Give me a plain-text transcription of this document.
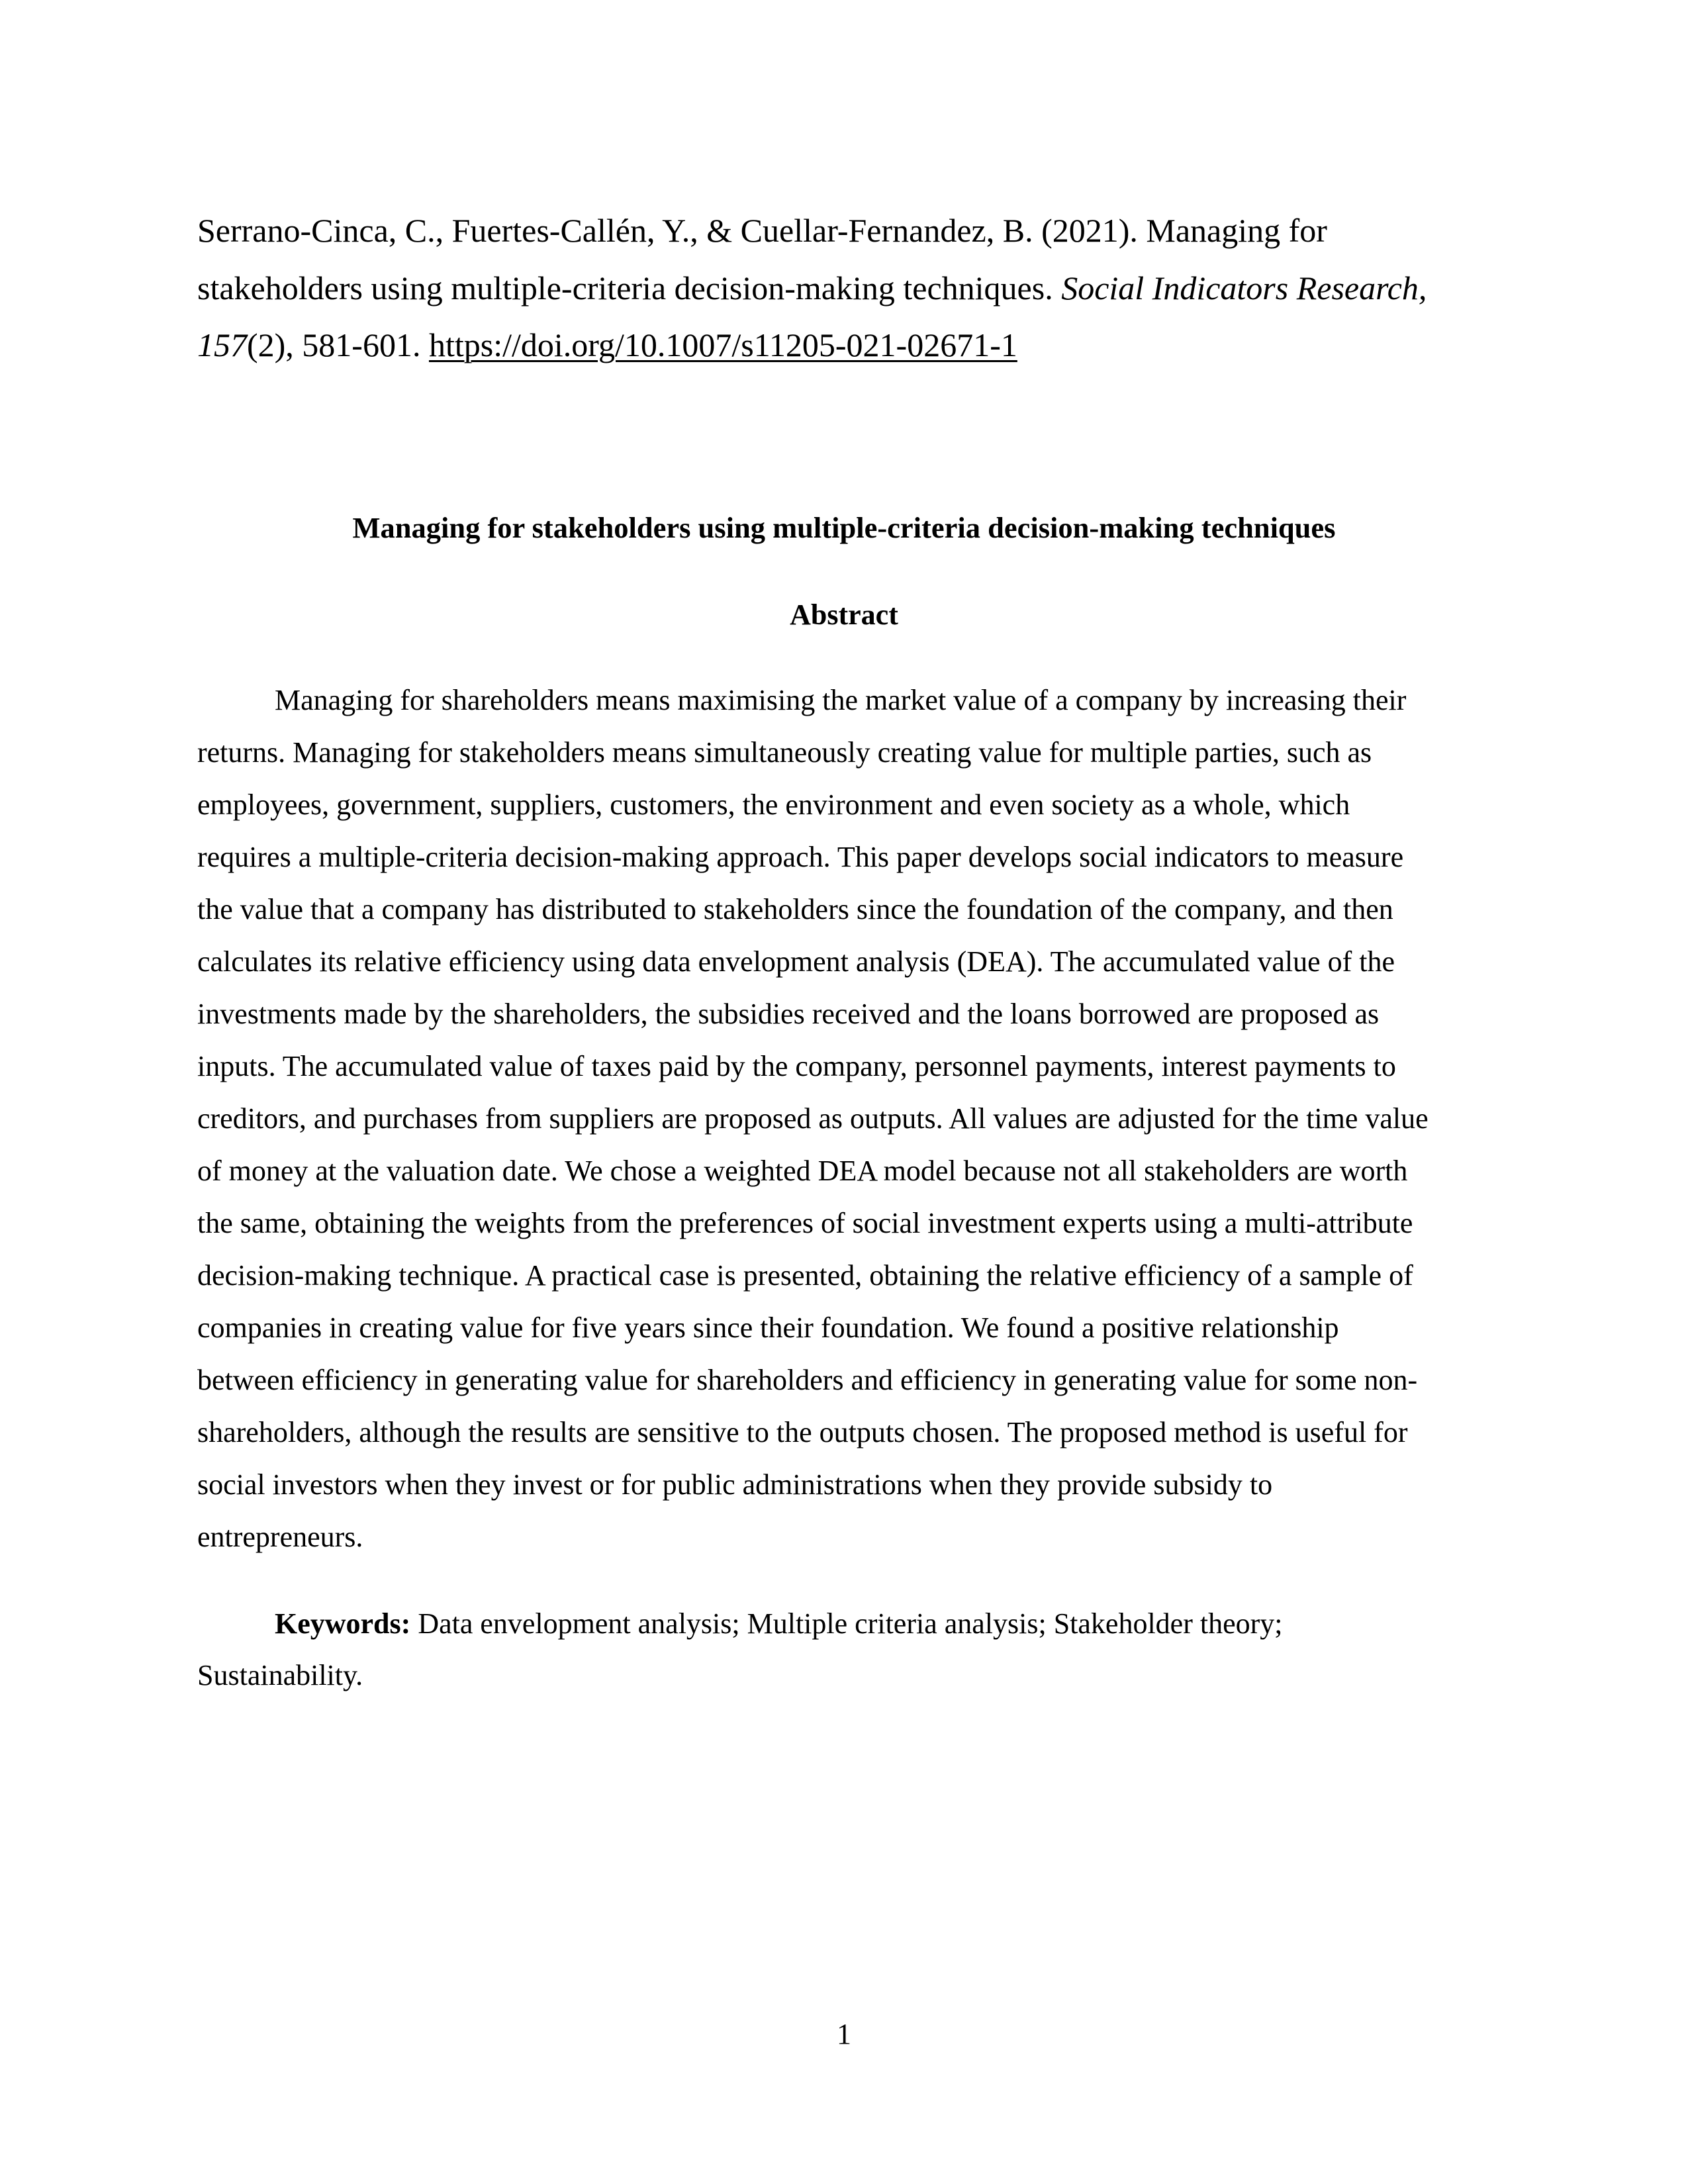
Serrano-Cinca, C., Fuertes-Callén, Y., & Cuellar-Fernandez, B. (2021). Managing for
stakeholders using multiple-criteria decision-making techniques. Social Indicators Research,
157(2), 581-601. https://doi.org/10.1007/s11205-021-02671-1
Managing for stakeholders using multiple-criteria decision-making techniques
Abstract
Managing for shareholders means maximising the market value of a company by increasing their
returns. Managing for stakeholders means simultaneously creating value for multiple parties, such as
employees, government, suppliers, customers, the environment and even society as a whole, which
requires a multiple-criteria decision-making approach. This paper develops social indicators to measure
the value that a company has distributed to stakeholders since the foundation of the company, and then
calculates its relative efficiency using data envelopment analysis (DEA). The accumulated value of the
investments made by the shareholders, the subsidies received and the loans borrowed are proposed as
inputs. The accumulated value of taxes paid by the company, personnel payments, interest payments to
creditors, and purchases from suppliers are proposed as outputs. All values are adjusted for the time value
of money at the valuation date. We chose a weighted DEA model because not all stakeholders are worth
the same, obtaining the weights from the preferences of social investment experts using a multi-attribute
decision-making technique. A practical case is presented, obtaining the relative efficiency of a sample of
companies in creating value for five years since their foundation. We found a positive relationship
between efficiency in generating value for shareholders and efficiency in generating value for some non-
shareholders, although the results are sensitive to the outputs chosen. The proposed method is useful for
social investors when they invest or for public administrations when they provide subsidy to
entrepreneurs.
Keywords: Data envelopment analysis; Multiple criteria analysis; Stakeholder theory;
Sustainability.
1
